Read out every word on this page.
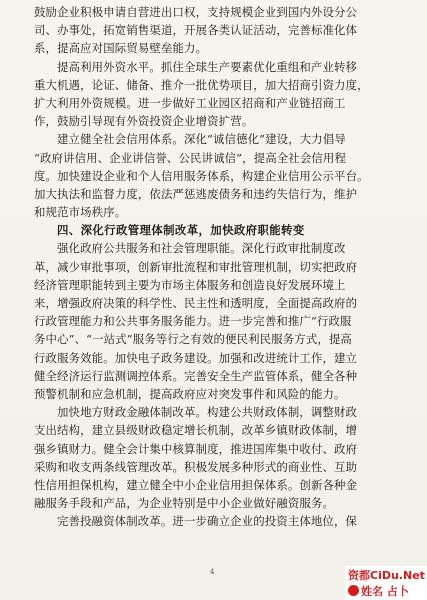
鼓励企业积极申请自营进出口权，支持规模企业到国内外设分公
司、办事处，拓宽销售渠道，开展各类认证活动，完善标准化体
系，提高应对国际贸易壁垒能力。
提高利用外资水平。抓住全球生产要素优化重组和产业转移
重大机遇，论证、储备、推介一批优势项目，加大招商引资力度，
扩大利用外资规模。进一步做好工业园区招商和产业链招商工
作，鼓励引导现有外资投资企业增资扩营。
建立健全社会信用体系。深化“诚信德化”建设，大力倡导
“政府讲信用、企业讲信誉、公民讲诚信”，提高全社会信用程
度。加快建设企业和个人信用服务体系，构建企业信用公示平台。
加大执法和监督力度，依法严惩逃废债务和违约失信行为，维护
和规范市场秩序。
四、深化行政管理体制改革，加快政府职能转变
强化政府公共服务和社会管理职能。深化行政审批制度改
革，减少审批事项，创新审批流程和审批管理机制，切实把政府
经济管理职能转到主要为市场主体服务和创造良好发展环境上
来，增强政府决策的科学性、民主性和透明度，全面提高政府的
行政管理能力和公共事务服务能力。进一步完善和推广“行政服
务中心”、“一站式”服务等行之有效的便民利民服务方式，提高
行政服务效能。加快电子政务建设。加强和改进统计工作，建立
健全经济运行监测调控体系。完善安全生产监管体系，健全各种
预警机制和应急机制，提高政府应对突发事件和风险的能力。
加快地方财政金融体制改革。构建公共财政体制，调整财政
支出结构，建立县级财政稳定增长机制，改革乡镇财政体制，增
强乡镇财力。健全会计集中核算制度，推进国库集中收付、政府
采购和收支两条线管理改革。积极发展多种形式的商业性、互助
性信用担保机构，建立健全中小企业信用担保体系。创新各种金
融服务手段和产品，为企业特别是中小企业做好融资服务。
完善投融资体制改革。进一步确立企业的投资主体地位，保
4	资都CiDu.Net
姓名 占卜
